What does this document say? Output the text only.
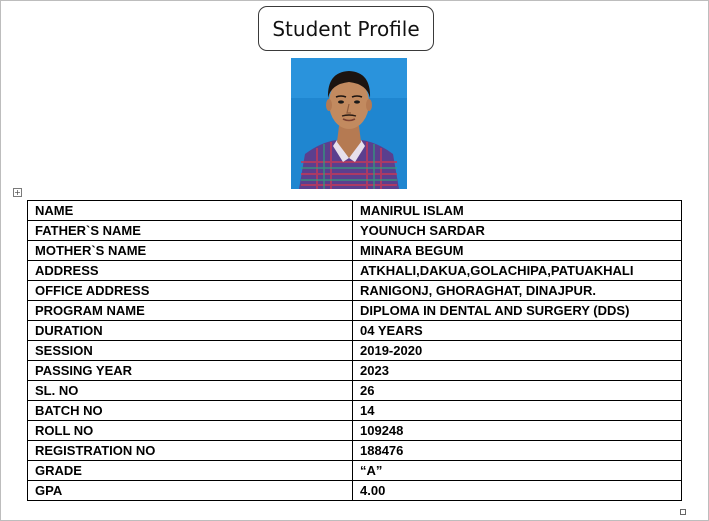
Student Profile
+
NAME	MANIRUL ISLAM
FATHER`S NAME	YOUNUCH SARDAR
MOTHER`S NAME	MINARA BEGUM
ADDRESS	ATKHALI,DAKUA,GOLACHIPA,PATUAKHALI
OFFICE ADDRESS	RANIGONJ, GHORAGHAT, DINAJPUR.
PROGRAM NAME	DIPLOMA IN DENTAL AND SURGERY (DDS)
DURATION	04 YEARS
SESSION	2019-2020
PASSING YEAR	2023
SL. NO	26
BATCH NO	14
ROLL NO	109248
REGISTRATION NO	188476
GRADE	“A”
GPA	4.00
